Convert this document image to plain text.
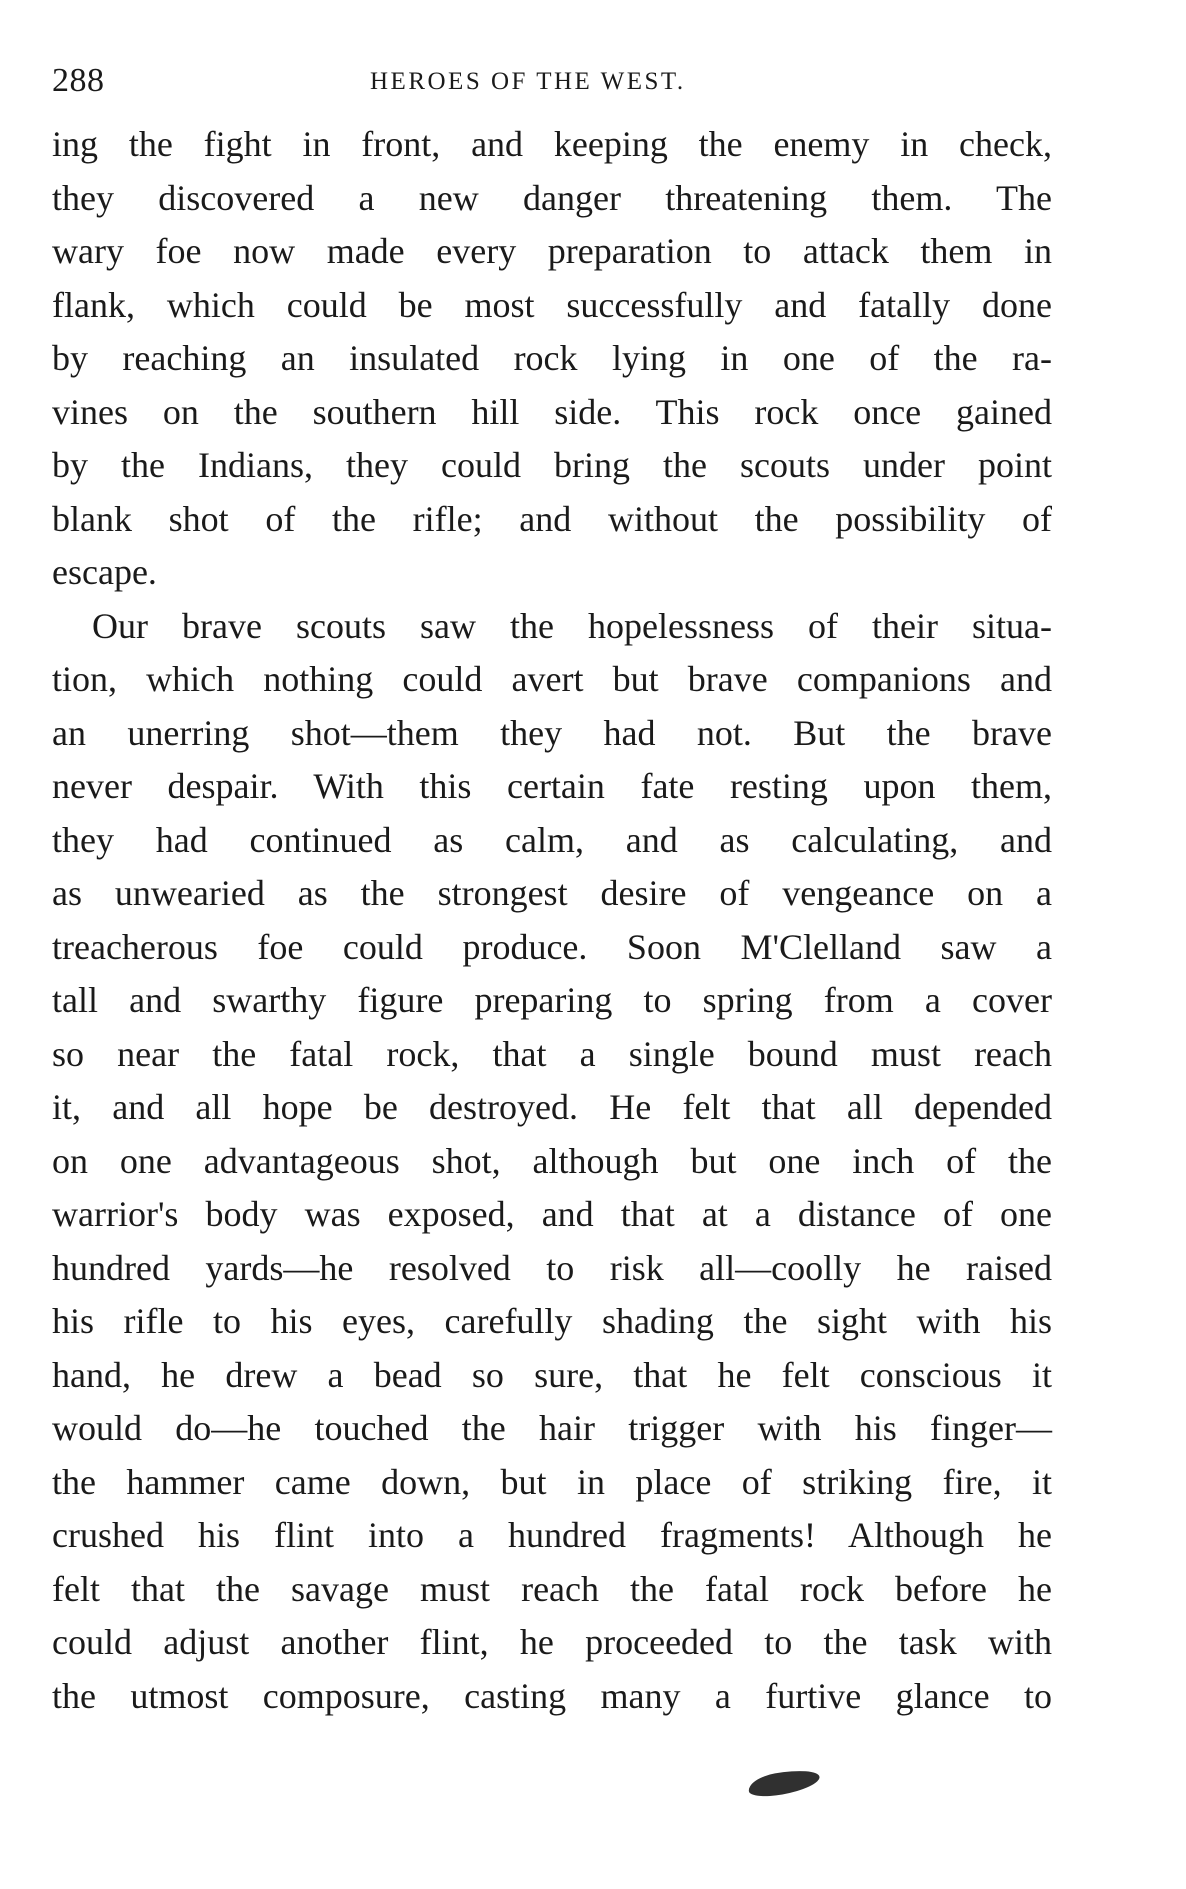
288	HEROES OF THE WEST.
ing the fight in front, and keeping the enemy in check,
they discovered a new danger threatening them. The
wary foe now made every preparation to attack them in
flank, which could be most successfully and fatally done
by reaching an insulated rock lying in one of the ra-
vines on the southern hill side. This rock once gained
by the Indians, they could bring the scouts under point
blank shot of the rifle; and without the possibility of
escape.
Our brave scouts saw the hopelessness of their situa-
tion, which nothing could avert but brave companions and
an unerring shot—them they had not. But the brave
never despair. With this certain fate resting upon them,
they had continued as calm, and as calculating, and
as unwearied as the strongest desire of vengeance on a
treacherous foe could produce. Soon M'Clelland saw a
tall and swarthy figure preparing to spring from a cover
so near the fatal rock, that a single bound must reach
it, and all hope be destroyed. He felt that all depended
on one advantageous shot, although but one inch of the
warrior's body was exposed, and that at a distance of one
hundred yards—he resolved to risk all—coolly he raised
his rifle to his eyes, carefully shading the sight with his
hand, he drew a bead so sure, that he felt conscious it
would do—he touched the hair trigger with his finger—
the hammer came down, but in place of striking fire, it
crushed his flint into a hundred fragments! Although he
felt that the savage must reach the fatal rock before he
could adjust another flint, he proceeded to the task with
the utmost composure, casting many a furtive glance to
